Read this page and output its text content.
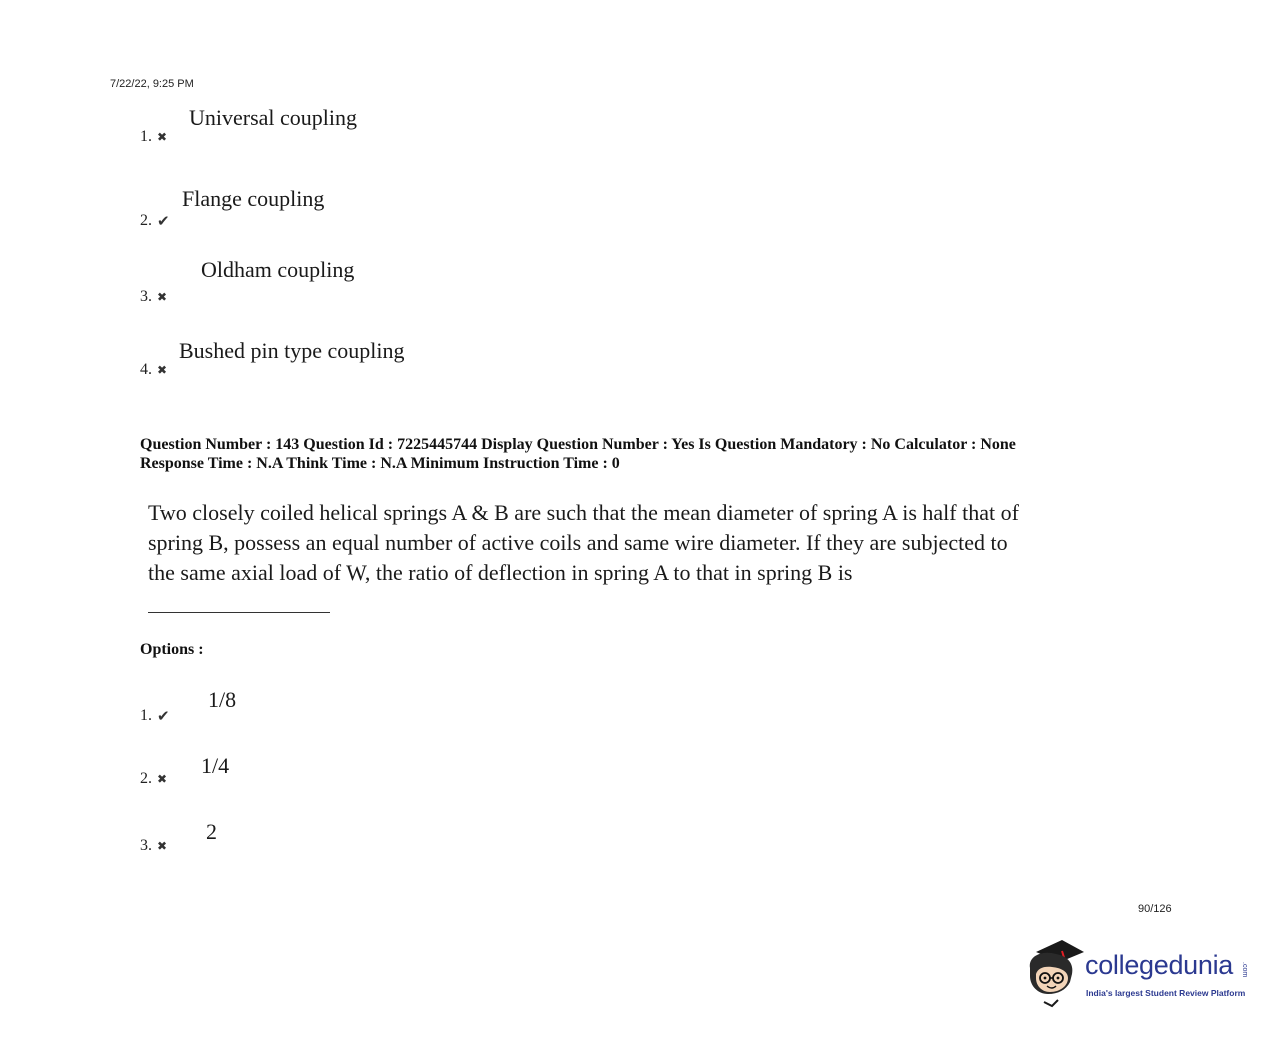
7/22/22, 9:25 PM
1. ✖
Universal coupling
2. ✔
Flange coupling
3. ✖
Oldham coupling
4. ✖
Bushed pin type coupling
Question Number : 143 Question Id : 7225445744 Display Question Number : Yes Is Question Mandatory : No Calculator : None
Response Time : N.A Think Time : N.A Minimum Instruction Time : 0
Two closely coiled helical springs A & B are such that the mean diameter of spring A is half that of spring B, possess an equal number of active coils and same wire diameter. If they are subjected to the same axial load of W, the ratio of deflection in spring A to that in spring B is
Options :
1. ✔
1/8
2. ✖
1/4
3. ✖
2
90/126
collegedunia .com
India's largest Student Review Platform
